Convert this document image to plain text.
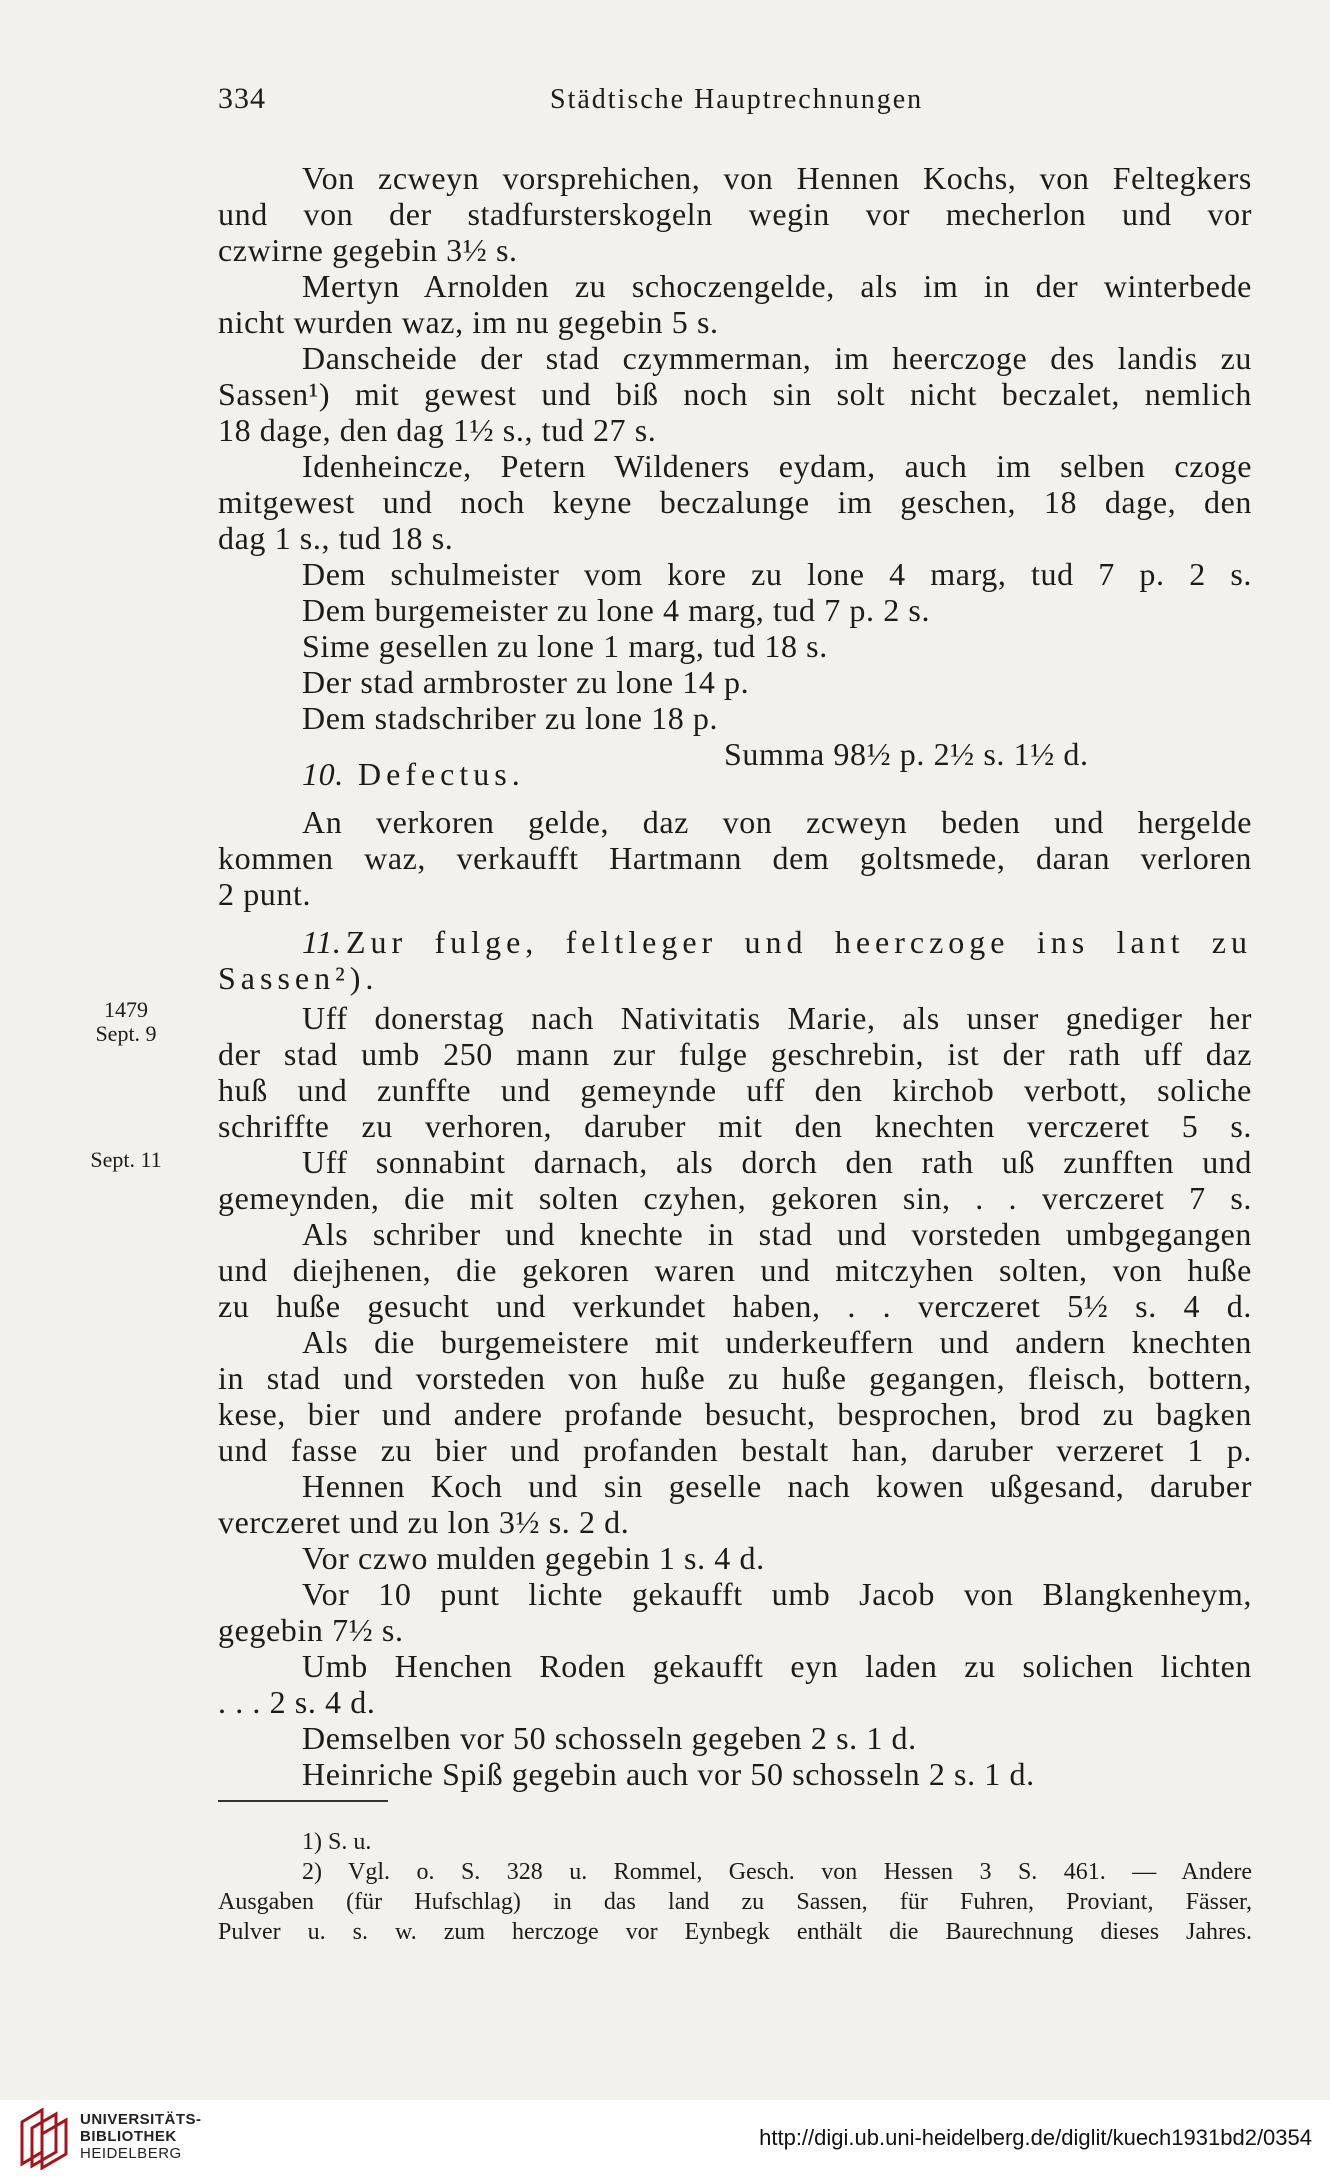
334	Städtische Hauptrechnungen
1479
Sept. 9
Sept. 11
Von zcweyn vorsprehichen, von Hennen Kochs, von Feltegkers
und von der stadfursterskogeln wegin vor mecherlon und vor
czwirne gegebin 3½ s.
Mertyn Arnolden zu schoczengelde, als im in der winterbede
nicht wurden waz, im nu gegebin 5 s.
Danscheide der stad czymmerman, im heerczoge des landis zu
Sassen¹) mit gewest und biß noch sin solt nicht beczalet, nemlich
18 dage, den dag 1½ s., tud 27 s.
Idenheincze, Petern Wildeners eydam, auch im selben czoge
mitgewest und noch keyne beczalunge im geschen, 18 dage, den
dag 1 s., tud 18 s.
Dem schulmeister vom kore zu lone 4 marg, tud 7 p. 2 s.
Dem burgemeister zu lone 4 marg, tud 7 p. 2 s.
Sime gesellen zu lone 1 marg, tud 18 s.
Der stad armbroster zu lone 14 p.
Dem stadschriber zu lone 18 p.
Summa 98½ p. 2½ s. 1½ d.
10. Defectus.
An verkoren gelde, daz von zcweyn beden und hergelde
kommen waz, verkaufft Hartmann dem goltsmede, daran verloren
2 punt.
11. Zur fulge, feltleger und heerczoge ins lant zu
Sassen²).
Uff donerstag nach Nativitatis Marie, als unser gnediger her
der stad umb 250 mann zur fulge geschrebin, ist der rath uff daz
huß und zunffte und gemeynde uff den kirchob verbott, soliche
schriffte zu verhoren, daruber mit den knechten verczeret 5 s.
Uff sonnabint darnach, als dorch den rath uß zunfften und
gemeynden, die mit solten czyhen, gekoren sin, . . verczeret 7 s.
Als schriber und knechte in stad und vorsteden umbgegangen
und diejhenen, die gekoren waren und mitczyhen solten, von huße
zu huße gesucht und verkundet haben, . . verczeret 5½ s. 4 d.
Als die burgemeistere mit underkeuffern und andern knechten
in stad und vorsteden von huße zu huße gegangen, fleisch, bottern,
kese, bier und andere profande besucht, besprochen, brod zu bagken
und fasse zu bier und profanden bestalt han, daruber verzeret 1 p.
Hennen Koch und sin geselle nach kowen ußgesand, daruber
verczeret und zu lon 3½ s. 2 d.
Vor czwo mulden gegebin 1 s. 4 d.
Vor 10 punt lichte gekaufft umb Jacob von Blangkenheym,
gegebin 7½ s.
Umb Henchen Roden gekaufft eyn laden zu solichen lichten
. . . 2 s. 4 d.
Demselben vor 50 schosseln gegeben 2 s. 1 d.
Heinriche Spiß gegebin auch vor 50 schosseln 2 s. 1 d.
1) S. u.
2) Vgl. o. S. 328 u. Rommel, Gesch. von Hessen 3 S. 461. — Andere
Ausgaben (für Hufschlag) in das land zu Sassen, für Fuhren, Proviant, Fässer,
Pulver u. s. w. zum herczoge vor Eynbegk enthält die Baurechnung dieses Jahres.
UNIVERSITÄTS-
BIBLIOTHEK
HEIDELBERG
http://digi.ub.uni-heidelberg.de/diglit/kuech1931bd2/0354
